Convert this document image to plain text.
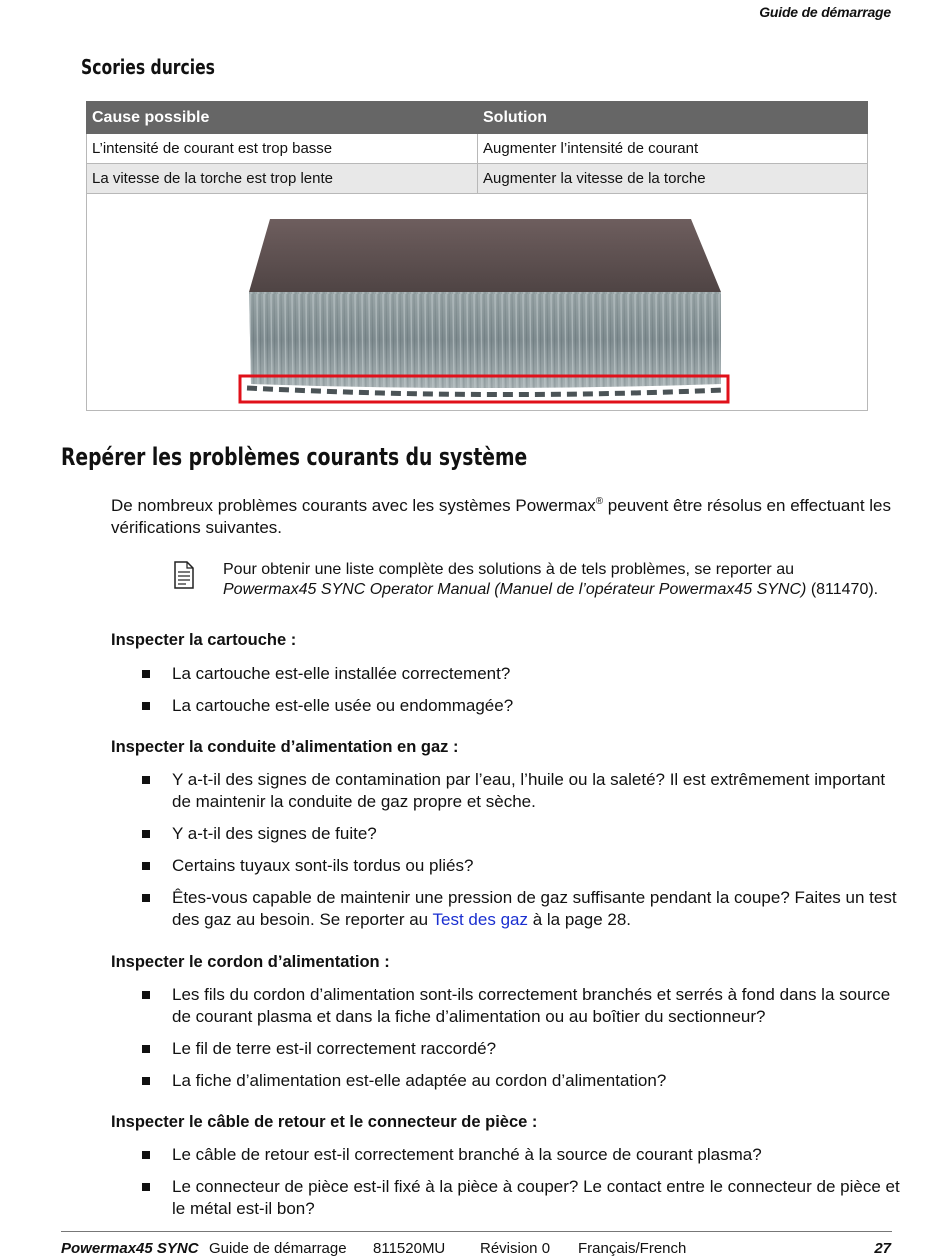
Guide de démarrage
Scories durcies
Cause possible	Solution
L’intensité de courant est trop basse	Augmenter l’intensité de courant
La vitesse de la torche est trop lente	Augmenter la vitesse de la torche

Repérer les problèmes courants du système
De nombreux problèmes courants avec les systèmes Powermax® peuvent être résolus en effectuant les vérifications suivantes.
Pour obtenir une liste complète des solutions à de tels problèmes, se reporter au
Powermax45 SYNC Operator Manual (Manuel de l’opérateur Powermax45 SYNC) (811470).
Inspecter la cartouche :
La cartouche est-elle installée correctement?
La cartouche est-elle usée ou endommagée?
Inspecter la conduite d’alimentation en gaz :
Y a-t-il des signes de contamination par l’eau, l’huile ou la saleté? Il est extrêmement important de maintenir la conduite de gaz propre et sèche.
Y a-t-il des signes de fuite?
Certains tuyaux sont-ils tordus ou pliés?
Êtes-vous capable de maintenir une pression de gaz suffisante pendant la coupe? Faites un test des gaz au besoin. Se reporter au Test des gaz à la page 28.
Inspecter le cordon d’alimentation :
Les fils du cordon d’alimentation sont-ils correctement branchés et serrés à fond dans la source de courant plasma et dans la fiche d’alimentation ou au boîtier du sectionneur?
Le fil de terre est-il correctement raccordé?
La fiche d’alimentation est-elle adaptée au cordon d’alimentation?
Inspecter le câble de retour et le connecteur de pièce :
Le câble de retour est-il correctement branché à la source de courant plasma?
Le connecteur de pièce est-il fixé à la pièce à couper? Le contact entre le connecteur de pièce et le métal est-il bon?
Powermax45 SYNC Guide de démarrage 811520MU Révision 0 Français/French	27
